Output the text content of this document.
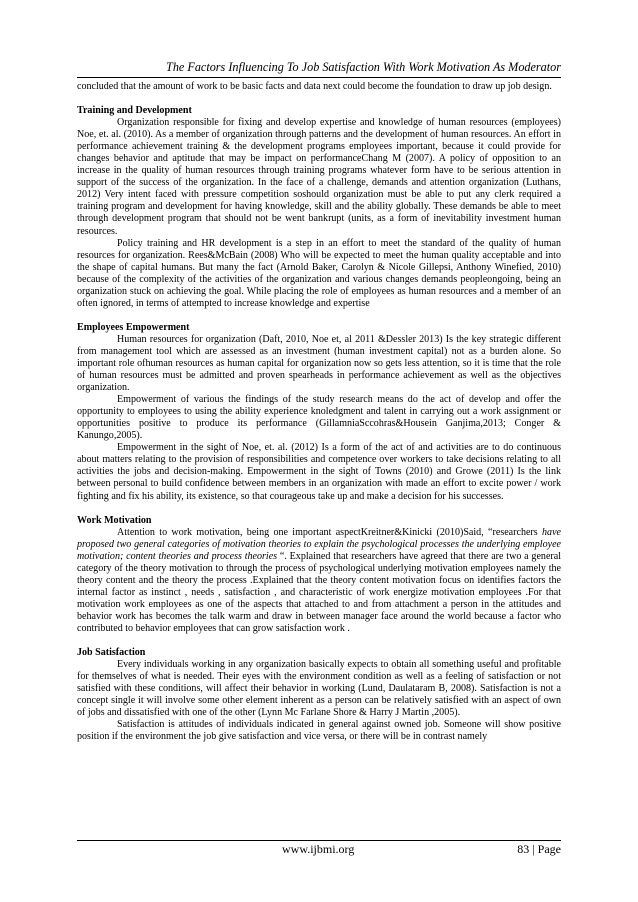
The Factors Influencing To Job Satisfaction With Work Motivation As Moderator

concluded that the amount of work to be basic facts and data next could become the foundation to draw up job design.

Training and Development

Organization responsible for fixing and develop expertise and knowledge of human resources (employees) Noe, et. al. (2010). As a member of organization through patterns and the development of human resources. An effort in performance achievement training & the development programs employees important, because it could provide for changes behavior and aptitude that may be impact on performanceChang M (2007). A policy of opposition to an increase in the quality of human resources through training programs whatever form have to be serious attention in support of the success of the organization. In the face of a challenge, demands and attention organization (Luthans, 2012) Very intent faced with pressure competition soshould organization must be able to put any clerk required a training program and development for having knowledge, skill and the ability globally. These demands be able to meet through development program that should not be went bankrupt (units, as a form of inevitability investment human resources.

Policy training and HR development is a step in an effort to meet the standard of the quality of human resources for organization. Rees&McBain (2008) Who will be expected to meet the human quality acceptable and into the shape of capital humans. But many the fact (Arnold Baker, Carolyn & Nicole Gillepsi, Anthony Winefied, 2010) because of the complexity of the activities of the organization and various changes demands peopleongoing, being an organization stuck on achieving the goal. While placing the role of employees as human resources and a member of an often ignored, in terms of attempted to increase knowledge and expertise

Employees Empowerment

Human resources for organization (Daft, 2010, Noe et, al 2011 &Dessler 2013) Is the key strategic different from management tool which are assessed as an investment (human investment capital) not as a burden alone. So important role ofhuman resources as human capital for organization now so gets less attention, so it is time that the role of human resources must be admitted and proven spearheads in performance achievement as well as the objectives organization.

Empowerment of various the findings of the study research means do the act of develop and offer the opportunity to employees to using the ability experience knoledgment and talent in carrying out a work assignment or opportunities positive to produce its performance (GillamniaSccohras&Housein Ganjima,2013; Conger & Kanungo,2005).

Empowerment in the sight of Noe, et. al. (2012) Is a form of the act of and activities are to do continuous about matters relating to the provision of responsibilities and competence over workers to take decisions relating to all activities the jobs and decision-making. Empowerment in the sight of Towns (2010) and Growe (2011) Is the link between personal to build confidence between members in an organization with made an effort to excite power / work fighting and fix his ability, its existence, so that courageous take up and make a decision for his successes.

Work Motivation

Attention to work motivation, being one important aspectKreitner&Kinicki (2010)Said, “researchers have proposed two general categories of motivation theories to explain the psychological processes the underlying employee motivation; content theories and process theories “. Explained that researchers have agreed that there are two a general category of the theory motivation to through the process of psychological underlying motivation employees namely the theory content and the theory the process .Explained that the theory content motivation focus on identifies factors the internal factor as instinct , needs , satisfaction , and characteristic of work energize motivation employees .For that motivation work employees as one of the aspects that attached to and from attachment a person in the attitudes and behavior work has becomes the talk warm and draw in between manager face around the world because a factor who contributed to behavior employees that can grow satisfaction work .

Job Satisfaction

Every individuals working in any organization basically expects to obtain all something useful and profitable for themselves of what is needed. Their eyes with the environment condition as well as a feeling of satisfaction or not satisfied with these conditions, will affect their behavior in working (Lund, Daulataram B, 2008). Satisfaction is not a concept single it will involve some other element inherent as a person can be relatively satisfied with an aspect of own of jobs and dissatisfied with one of the other (Lynn Mc Farlane Shore & Harry J Martin ,2005).

Satisfaction is attitudes of individuals indicated in general against owned job. Someone will show positive position if the environment the job give satisfaction and vice versa, or there will be in contrast namely

www.ijbmi.org	83 | Page
